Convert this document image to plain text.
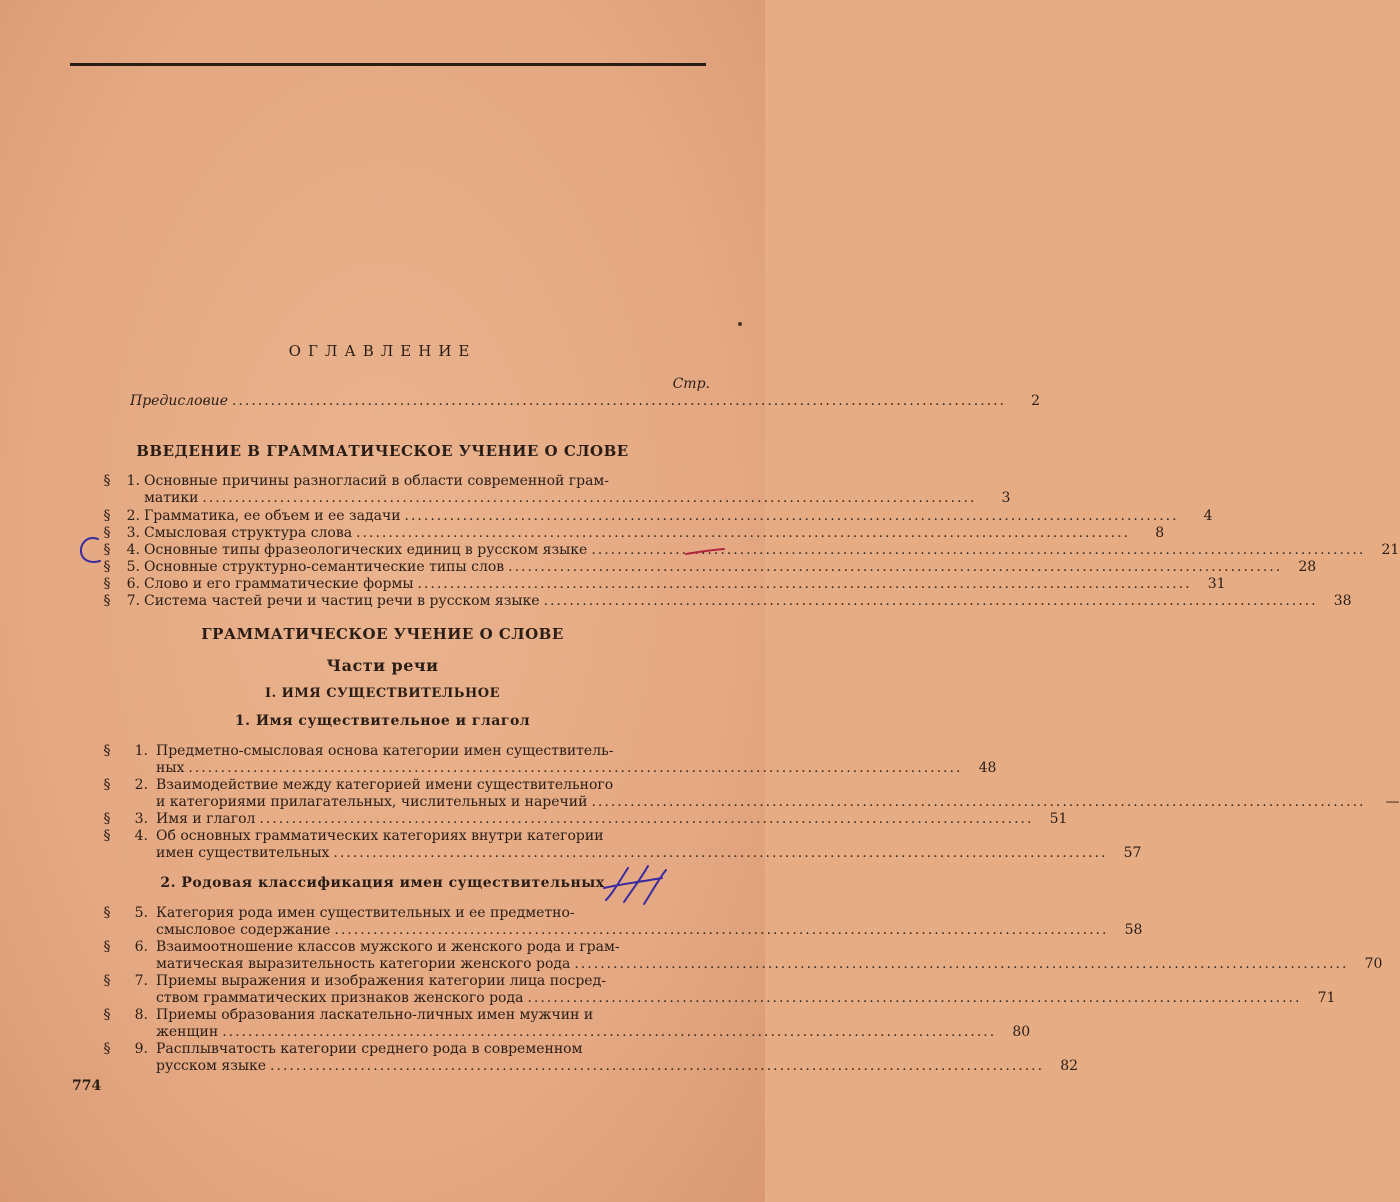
ОГЛАВЛЕНИЕ
Стр.
Предисловие ........................................................................................................................	2
ВВЕДЕНИЕ В ГРАММАТИЧЕСКОЕ УЧЕНИЕ О СЛОВЕ
§	1. Основные причины разногласий в области современной грам-
матики ........................................................................................................................	3
§	2. Грамматика, ее объем и ее задачи ........................................................................................................................	4
§	3. Смысловая структура слова ........................................................................................................................	8
§	4. Основные типы фразеологических единиц в русском языке ........................................................................................................................	21
§	5. Основные структурно-семантические типы слов ........................................................................................................................	28
§	6. Слово и его грамматические формы ........................................................................................................................	31
§	7. Система частей речи и частиц речи в русском языке ........................................................................................................................	38
ГРАММАТИЧЕСКОЕ УЧЕНИЕ О СЛОВЕ
Части речи
I. ИМЯ СУЩЕСТВИТЕЛЬНОЕ
1. Имя существительное и глагол
§	1. Предметно-смысловая основа категории имен существитель-
ных ........................................................................................................................	48
§	2. Взаимодействие между категорией имени существительного
и категориями прилагательных, числительных и наречий ........................................................................................................................	—
§	3. Имя и глагол ........................................................................................................................	51
§	4. Об основных грамматических категориях внутри категории
имен существительных ........................................................................................................................	57
2. Родовая классификация имен существительных
§	5. Категория рода имен существительных и ее предметно-
смысловое содержание ........................................................................................................................	58
§	6. Взаимоотношение классов мужского и женского рода и грам-
матическая выразительность категории женского рода ........................................................................................................................	70
§	7. Приемы выражения и изображения категории лица посред-
ством грамматических признаков женского рода ........................................................................................................................	71
§	8. Приемы образования ласкательно-личных имен мужчин и
женщин ........................................................................................................................	80
§	9. Расплывчатость категории среднего рода в современном
русском языке ........................................................................................................................	82
774
